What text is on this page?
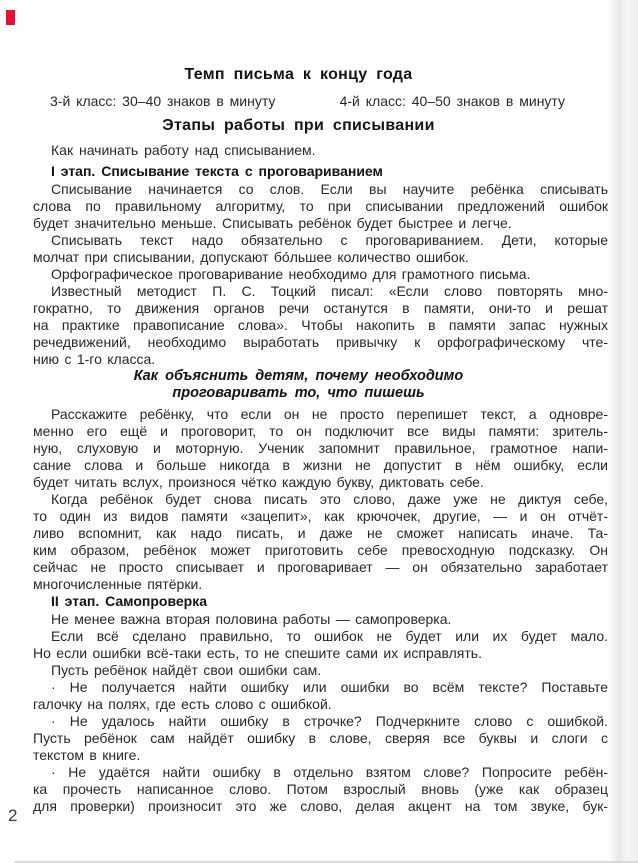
Темп письма к концу года
3-й класс: 30–40 знаков в минуту	4-й класс: 40–50 знаков в минуту
Этапы работы при списывании
Как начинать работу над списыванием.
I этап. Списывание текста с проговариванием
Списывание начинается со слов. Если вы научите ребёнка списывать
слова по правильному алгоритму, то при списывании предложений ошибок
будет значительно меньше. Списывать ребёнок будет быстрее и легче.
Списывать текст надо обязательно с проговариванием. Дети, которые
молчат при списывании, допускают бо́льшее количество ошибок.
Орфографическое проговаривание необходимо для грамотного письма.
Известный методист П. С. Тоцкий писал: «Если слово повторять мно-
гократно, то движения органов речи останутся в памяти, они-то и решат
на практике правописание слова». Чтобы накопить в памяти запас нужных
речедвижений, необходимо выработать привычку к орфографическому чте-
нию с 1-го класса.
Как объяснить детям, почему необходимо
проговаривать то, что пишешь
Расскажите ребёнку, что если он не просто перепишет текст, а одновре-
менно его ещё и проговорит, то он подключит все виды памяти: зритель-
ную, слуховую и моторную. Ученик запомнит правильное, грамотное напи-
сание слова и больше никогда в жизни не допустит в нём ошибку, если
будет читать вслух, произнося чётко каждую букву, диктовать себе.
Когда ребёнок будет снова писать это слово, даже уже не диктуя себе,
то один из видов памяти «зацепит», как крючочек, другие, — и он отчёт-
ливо вспомнит, как надо писать, и даже не сможет написать иначе. Та-
ким образом, ребёнок может приготовить себе превосходную подсказку. Он
сейчас не просто списывает и проговаривает — он обязательно заработает
многочисленные пятёрки.
II этап. Самопроверка
Не менее важна вторая половина работы — самопроверка.
Если всё сделано правильно, то ошибок не будет или их будет мало.
Но если ошибки всё-таки есть, то не спешите сами их исправлять.
Пусть ребёнок найдёт свои ошибки сам.
· Не получается найти ошибку или ошибки во всём тексте? Поставьте
галочку на полях, где есть слово с ошибкой.
· Не удалось найти ошибку в строчке? Подчеркните слово с ошибкой.
Пусть ребёнок сам найдёт ошибку в слове, сверяя все буквы и слоги с
текстом в книге.
· Не удаётся найти ошибку в отдельно взятом слове? Попросите ребён-
ка прочесть написанное слово. Потом взрослый вновь (уже как образец
для проверки) произносит это же слово, делая акцент на том звуке, бук-
2
